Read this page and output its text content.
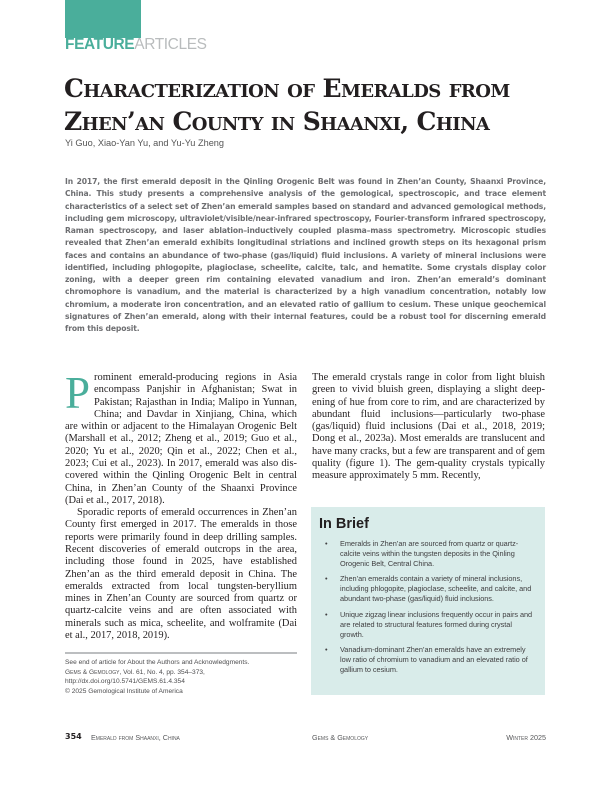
FEATUREARTICLES
Characterization of Emeralds from
Zhen’an County in Shaanxi, China
Yi Guo, Xiao-Yan Yu, and Yu-Yu Zheng
In 2017, the first emerald deposit in the Qinling Orogenic Belt was found in Zhen’an County, Shaanxi Province, China. This study presents a comprehensive analysis of the gemological, spectroscopic, and trace element characteristics of a select set of Zhen’an emerald samples based on standard and advanced gemological methods, including gem microscopy, ultraviolet/visible/near-infrared spectroscopy, Fourier-transform infrared spectroscopy, Raman spectroscopy, and laser ablation–inductively coupled plasma–mass spectrometry. Microscopic studies revealed that Zhen’an emerald exhibits longitudinal striations and inclined growth steps on its hexagonal prism faces and contains an abundance of two-phase (gas/liquid) fluid inclusions. A variety of mineral inclusions were identified, including phlogopite, plagioclase, scheelite, calcite, talc, and hematite. Some crystals display color zoning, with a deeper green rim containing elevated vanadium and iron. Zhen’an emerald’s dominant chromophore is vanadium, and the material is characterized by a high vanadium concentration, notably low chromium, a moderate iron concentration, and an elevated ratio of gallium to cesium. These unique geochemical signatures of Zhen’an emerald, along with their internal features, could be a robust tool for discerning emerald from this deposit.

Prominent emerald-producing regions in Asia encompass Panjshir in Afghanistan; Swat in Pakistan; Rajasthan in India; Malipo in Yunnan, China; and Davdar in Xinjiang, China, which are within or adjacent to the Himalayan Orogenic Belt (Marshall et al., 2012; Zheng et al., 2019; Guo et al., 2020; Yu et al., 2020; Qin et al., 2022; Chen et al., 2023; Cui et al., 2023). In 2017, emerald was also discovered within the Qinling Orogenic Belt in central China, in Zhen’an County of the Shaanxi Province (Dai et al., 2017, 2018).

Sporadic reports of emerald occurrences in Zhen’an County first emerged in 2017. The emeralds in those reports were primarily found in deep drilling samples. Recent discoveries of emerald outcrops in the area, including those found in 2025, have established Zhen’an as the third emerald deposit in China. The emeralds extracted from local tungsten-beryllium mines in Zhen’an County are sourced from quartz or quartz-calcite veins and are often associated with minerals such as mica, scheelite, and wolframite (Dai et al., 2017, 2018, 2019).

The emerald crystals range in color from light bluish green to vivid bluish green, displaying a slight deepening of hue from core to rim, and are characterized by abundant fluid inclusions—particularly two-phase (gas/liquid) fluid inclusions (Dai et al., 2018, 2019; Dong et al., 2023a). Most emeralds are translucent and have many cracks, but a few are transparent and of gem quality (figure 1). The gem-quality crystals typically measure approximately 5 mm. Recently,

See end of article for About the Authors and Acknowledgments.
Gems & Gemology, Vol. 61, No. 4, pp. 354–373,
http://dx.doi.org/10.5741/GEMS.61.4.354
© 2025 Gemological Institute of America
In Brief
• Emeralds in Zhen’an are sourced from quartz or quartz-calcite veins within the tungsten deposits in the Qinling Orogenic Belt, Central China.
• Zhen’an emeralds contain a variety of mineral inclusions, including phlogopite, plagioclase, scheelite, and calcite, and abundant two-phase (gas/liquid) fluid inclusions.
• Unique zigzag linear inclusions frequently occur in pairs and are related to structural features formed during crystal growth.
• Vanadium-dominant Zhen’an emeralds have an extremely low ratio of chromium to vanadium and an elevated ratio of gallium to cesium.
354 Emerald from Shaanxi, China	Gems & Gemology	Winter 2025
